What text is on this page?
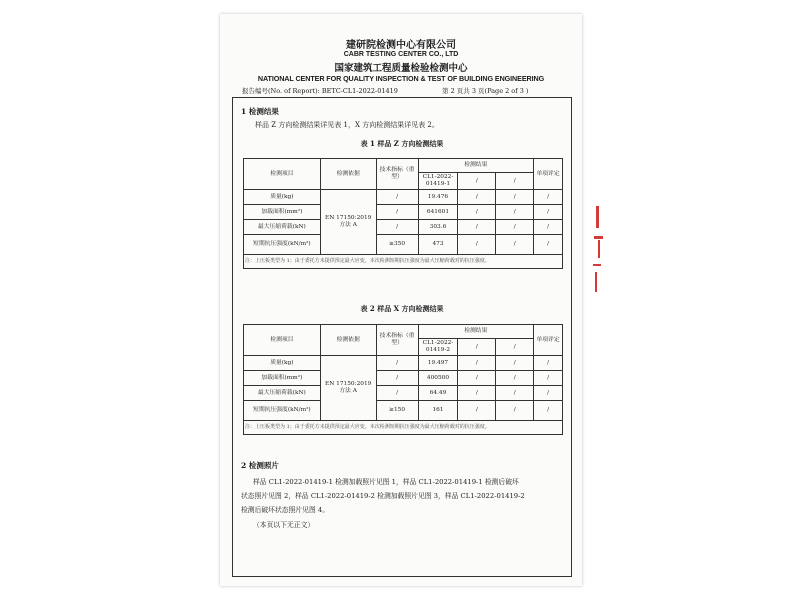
建研院检测中心有限公司
CABR TESTING CENTER CO., LTD
国家建筑工程质量检验检测中心
NATIONAL CENTER FOR QUALITY INSPECTION & TEST OF BUILDING ENGINEERING
报告编号(No. of Report): BETC-CL1-2022-01419	第 2 页共 3 页(Page 2 of 3 )
1 检测结果
样品 Z 方向检测结果详见表 1，X 方向检测结果详见表 2。
表 1 样品 Z 方向检测结果
检测项目	检测依据	技术指标（重型）	检测结果			单项评定
			CL1-2022-01419-1	/	/	
质量(kg)	EN 17150:2019 方法 A	/	19.476	/	/	/
加载面积(mm²)		/	641601	/	/	/
最大压缩荷载(kN)		/	303.6	/	/	/
短期抗压强度(kN/m²)		≥350	473	/	/	/
注：上压板类型为 1；由于委托方未提供预定最大应变，本次检测短期抗压强度为最大压缩荷载对的抗压强度。						
表 2 样品 X 方向检测结果
检测项目	检测依据	技术指标（重型）	检测结果			单项评定
			CL1-2022-01419-2	/	/	
质量(kg)	EN 17150:2019 方法 A	/	19.497	/	/	/
加载面积(mm²)		/	400500	/	/	/
最大压缩荷载(kN)		/	64.49	/	/	/
短期抗压强度(kN/m²)		≥150	161	/	/	/
注：上压板类型为 1；由于委托方未提供预定最大应变，本次检测短期抗压强度为最大压缩荷载对的抗压强度。						
2 检测照片
样品 CL1-2022-01419-1 检测加载照片见图 1，样品 CL1-2022-01419-1 检测后破坏
状态照片见图 2，样品 CL1-2022-01419-2 检测加载照片见图 3，样品 CL1-2022-01419-2
检测后破坏状态照片见图 4。
（本页以下无正文）
